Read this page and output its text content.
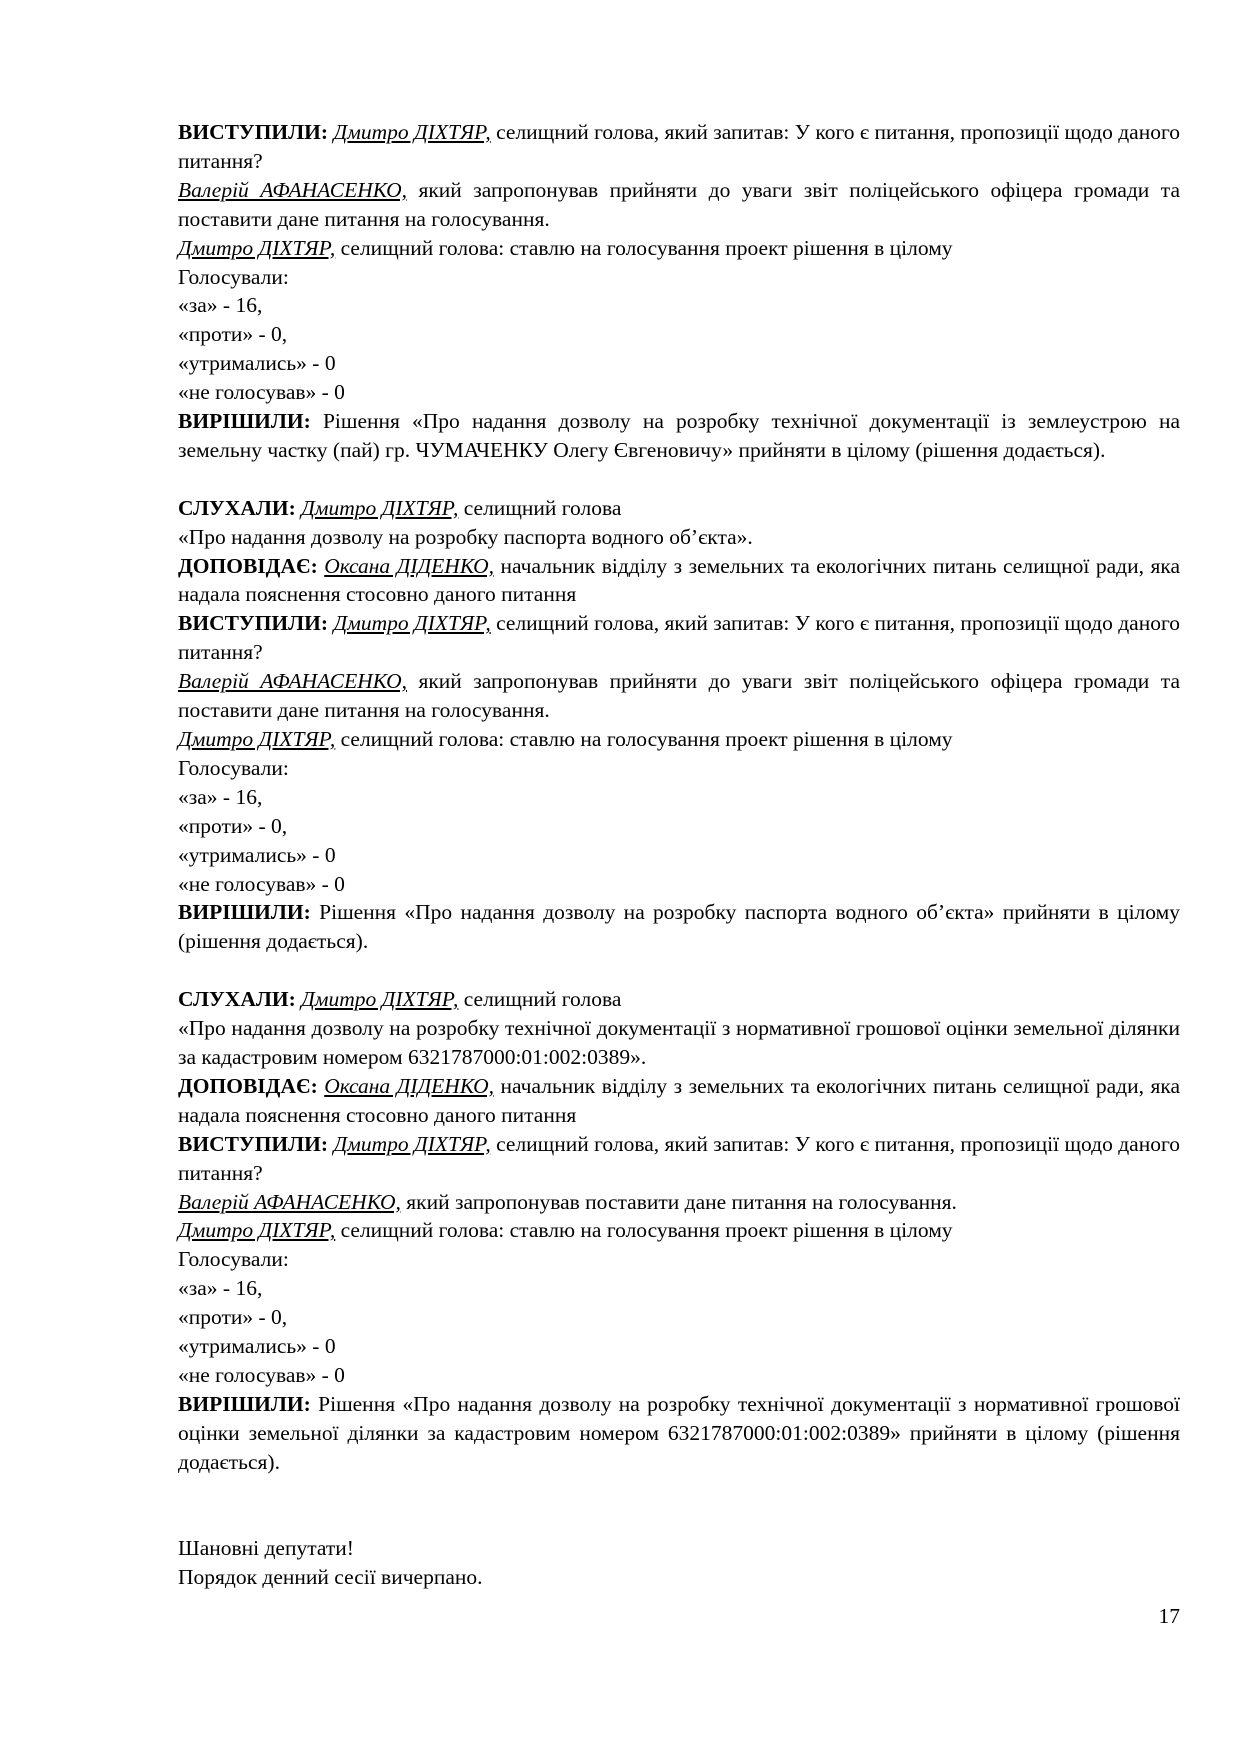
ВИСТУПИЛИ: Дмитро ДІХТЯР, селищний голова, який запитав: У кого є питання, пропозиції щодо даного питання?

Валерій АФАНАСЕНКО, який запропонував прийняти до уваги звіт поліцейського офіцера громади та поставити дане питання на голосування.

Дмитро ДІХТЯР, селищний голова: ставлю на голосування проект рішення в цілому

Голосували:

«за» - 16,

«проти» - 0,

«утримались» - 0

«не голосував» - 0

ВИРІШИЛИ: Рішення «Про надання дозволу на розробку технічної документації із землеустрою на земельну частку (пай) гр. ЧУМАЧЕНКУ Олегу Євгеновичу» прийняти в цілому (рішення додається).

СЛУХАЛИ: Дмитро ДІХТЯР, селищний голова

«Про надання дозволу на розробку паспорта водного об’єкта».

ДОПОВІДАЄ: Оксана ДІДЕНКО, начальник відділу з земельних та екологічних питань селищної ради, яка надала пояснення стосовно даного питання

ВИСТУПИЛИ: Дмитро ДІХТЯР, селищний голова, який запитав: У кого є питання, пропозиції щодо даного питання?

Валерій АФАНАСЕНКО, який запропонував прийняти до уваги звіт поліцейського офіцера громади та поставити дане питання на голосування.

Дмитро ДІХТЯР, селищний голова: ставлю на голосування проект рішення в цілому

Голосували:

«за» - 16,

«проти» - 0,

«утримались» - 0

«не голосував» - 0

ВИРІШИЛИ: Рішення «Про надання дозволу на розробку паспорта водного об’єкта» прийняти в цілому (рішення додається).

СЛУХАЛИ: Дмитро ДІХТЯР, селищний голова

«Про надання дозволу на розробку технічної документації з нормативної грошової оцінки земельної ділянки за кадастровим номером 6321787000:01:002:0389».

ДОПОВІДАЄ: Оксана ДІДЕНКО, начальник відділу з земельних та екологічних питань селищної ради, яка надала пояснення стосовно даного питання

ВИСТУПИЛИ: Дмитро ДІХТЯР, селищний голова, який запитав: У кого є питання, пропозиції щодо даного питання?

Валерій АФАНАСЕНКО, який запропонував поставити дане питання на голосування.

Дмитро ДІХТЯР, селищний голова: ставлю на голосування проект рішення в цілому

Голосували:

«за» - 16,

«проти» - 0,

«утримались» - 0

«не голосував» - 0

ВИРІШИЛИ: Рішення «Про надання дозволу на розробку технічної документації з нормативної грошової оцінки земельної ділянки за кадастровим номером 6321787000:01:002:0389» прийняти в цілому (рішення додається).

Шановні депутати!

Порядок денний сесії вичерпано.

17
